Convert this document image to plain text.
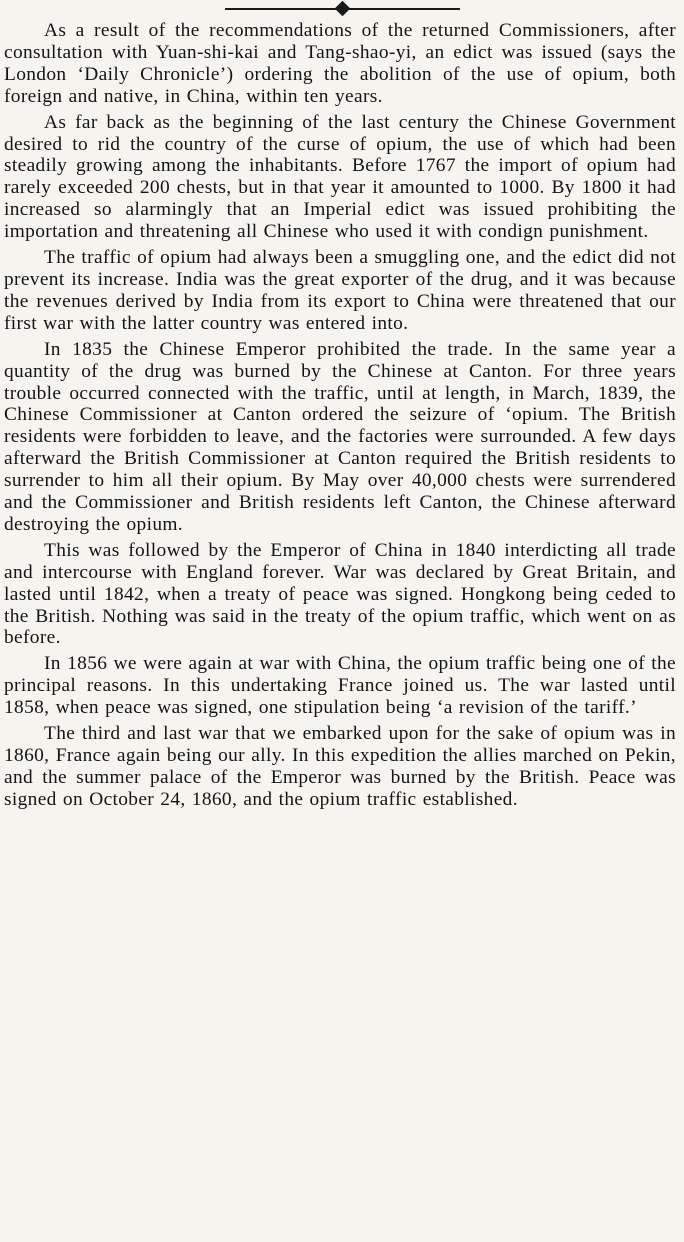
As a result of the recommendations of the returned Commissioners, after consultation with Yuan-shi-kai and Tang-shao-yi, an edict was issued (says the London ‘Daily Chronicle’) ordering the abolition of the use of opium, both foreign and native, in China, within ten years.

As far back as the beginning of the last century the Chinese Government desired to rid the country of the curse of opium, the use of which had been steadily growing among the inhabitants. Before 1767 the import of opium had rarely exceeded 200 chests, but in that year it amounted to 1000. By 1800 it had increased so alarmingly that an Imperial edict was issued prohibiting the importation and threatening all Chinese who used it with condign punishment.

The traffic of opium had always been a smuggling one, and the edict did not prevent its increase. India was the great exporter of the drug, and it was because the revenues derived by India from its export to China were threatened that our first war with the latter country was entered into.

In 1835 the Chinese Emperor prohibited the trade. In the same year a quantity of the drug was burned by the Chinese at Canton. For three years trouble occurred connected with the traffic, until at length, in March, 1839, the Chinese Commissioner at Canton ordered the seizure of ‘opium. The British residents were forbidden to leave, and the factories were surrounded. A few days afterward the British Commissioner at Canton required the British residents to surrender to him all their opium. By May over 40,000 chests were surrendered and the Commissioner and British residents left Canton, the Chinese afterward destroying the opium.

This was followed by the Emperor of China in 1840 interdicting all trade and intercourse with England forever. War was declared by Great Britain, and lasted until 1842, when a treaty of peace was signed. Hongkong being ceded to the British. Nothing was said in the treaty of the opium traffic, which went on as before.

In 1856 we were again at war with China, the opium traffic being one of the principal reasons. In this undertaking France joined us. The war lasted until 1858, when peace was signed, one stipulation being ‘a revision of the tariff.’

The third and last war that we embarked upon for the sake of opium was in 1860, France again being our ally. In this expedition the allies marched on Pekin, and the summer palace of the Emperor was burned by the British. Peace was signed on October 24, 1860, and the opium traffic established.
